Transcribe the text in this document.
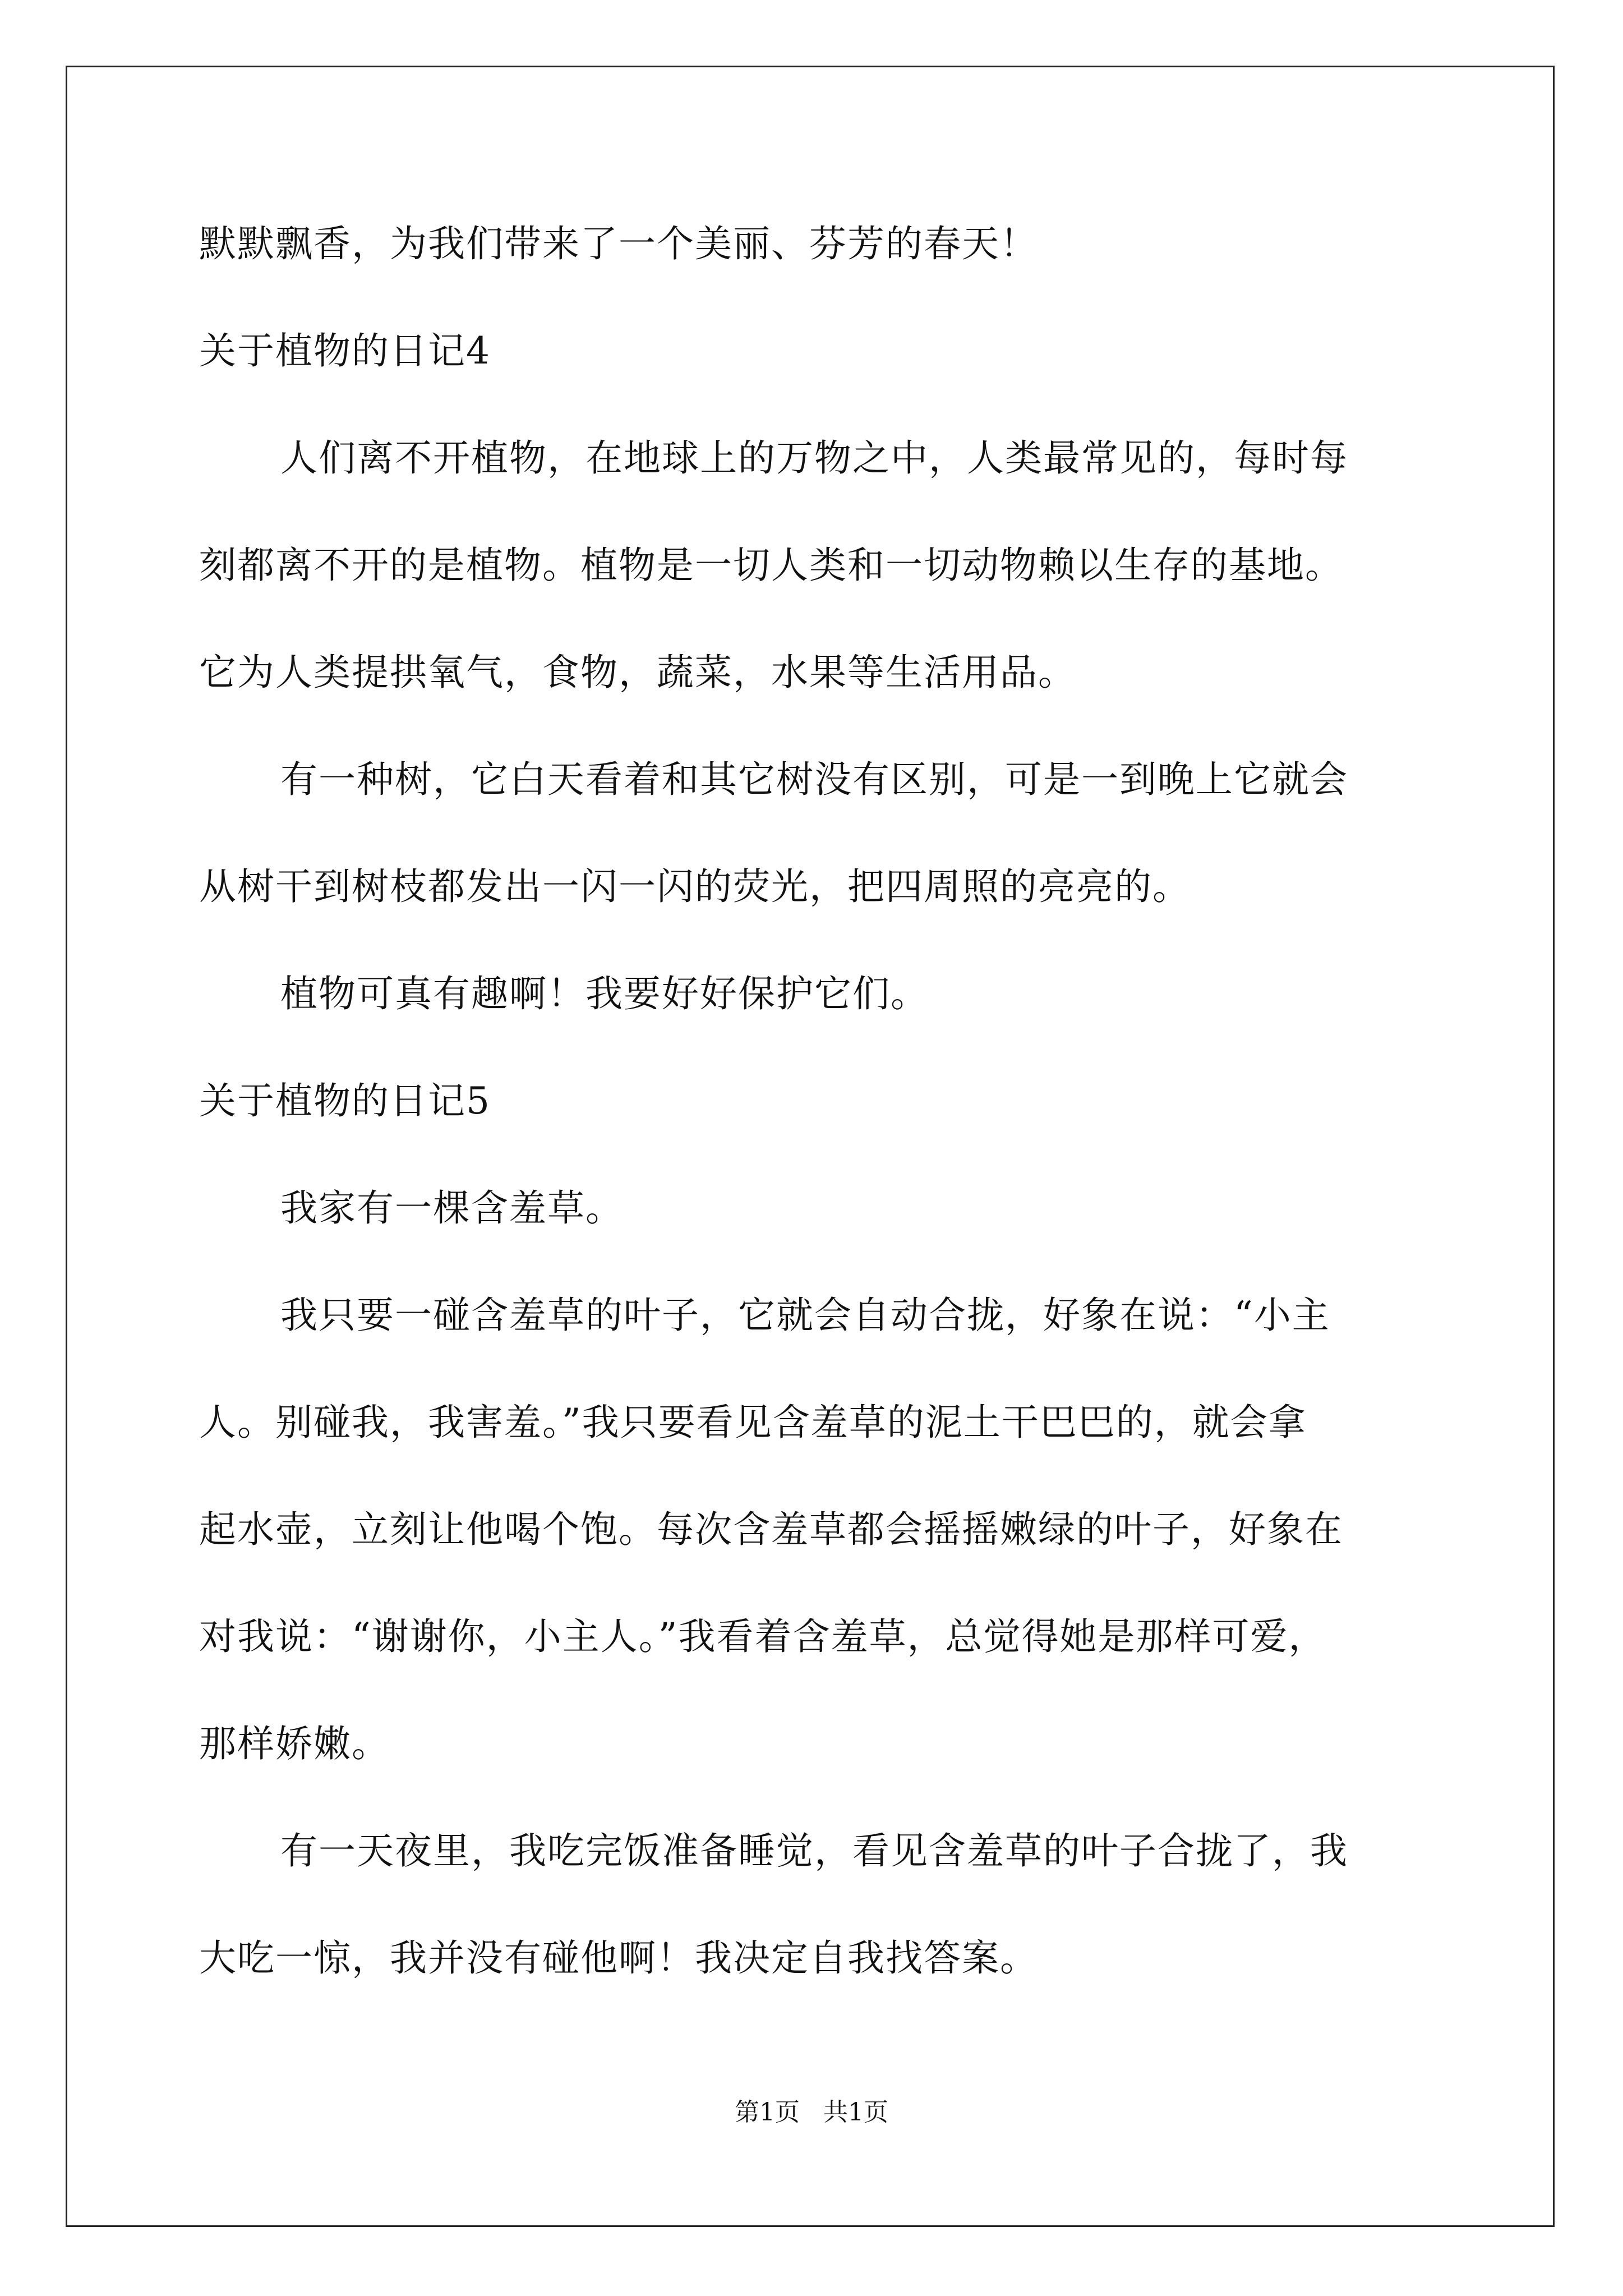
默默飘香，为我们带来了一个美丽、芬芳的春天！
关于植物的日记4
人们离不开植物，在地球上的万物之中，人类最常见的，每时每
刻都离不开的是植物。植物是一切人类和一切动物赖以生存的基地。
它为人类提拱氧气，食物，蔬菜，水果等生活用品。
有一种树，它白天看着和其它树没有区别，可是一到晚上它就会
从树干到树枝都发出一闪一闪的荧光，把四周照的亮亮的。
植物可真有趣啊！我要好好保护它们。
关于植物的日记5
我家有一棵含羞草。
我只要一碰含羞草的叶子，它就会自动合拢，好象在说：“小主
人。别碰我，我害羞。”我只要看见含羞草的泥土干巴巴的，就会拿
起水壶，立刻让他喝个饱。每次含羞草都会摇摇嫩绿的叶子，好象在
对我说：“谢谢你，小主人。”我看着含羞草，总觉得她是那样可爱，
那样娇嫩。
有一天夜里，我吃完饭准备睡觉，看见含羞草的叶子合拢了，我
大吃一惊，我并没有碰他啊！我决定自我找答案。
第1页   共1页
